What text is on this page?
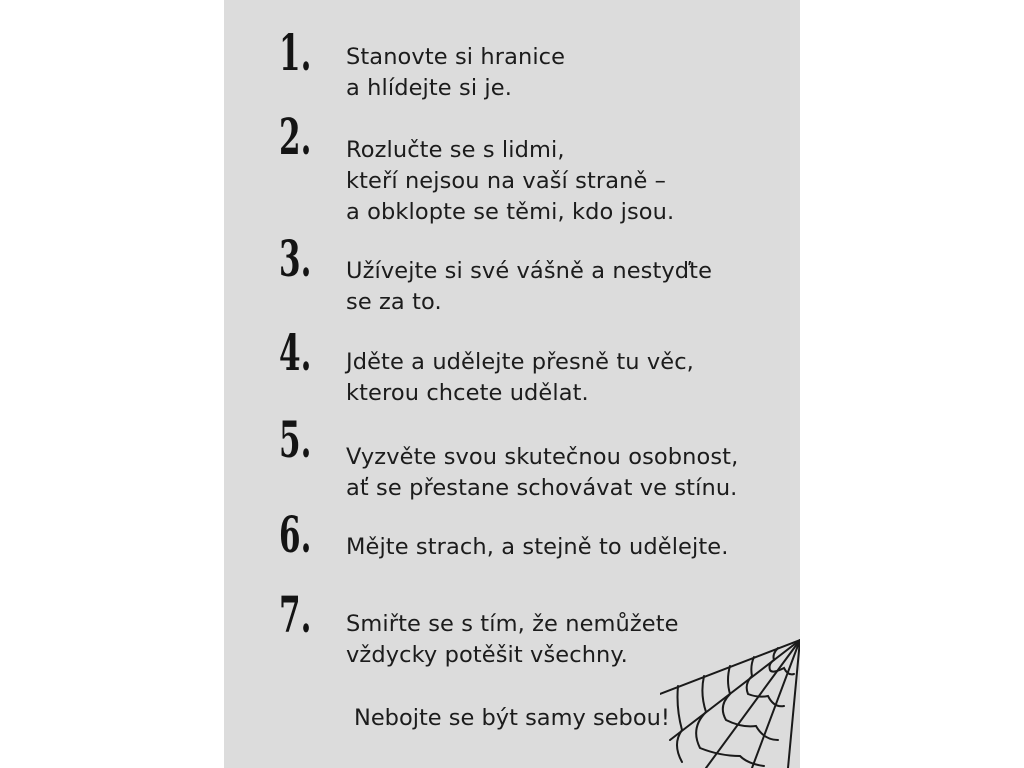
1. Stanovte si hranice
a hlídejte si je.
2. Rozlučte se s lidmi,
kteří nejsou na vaší straně –
a obklopte se těmi, kdo jsou.
3. Užívejte si své vášně a nestyďte
se za to.
4. Jděte a udělejte přesně tu věc,
kterou chcete udělat.
5. Vyzvěte svou skutečnou osobnost,
ať se přestane schovávat ve stínu.
6. Mějte strach, a stejně to udělejte.
7. Smiřte se s tím, že nemůžete
vždycky potěšit všechny.
Nebojte se být samy sebou!
